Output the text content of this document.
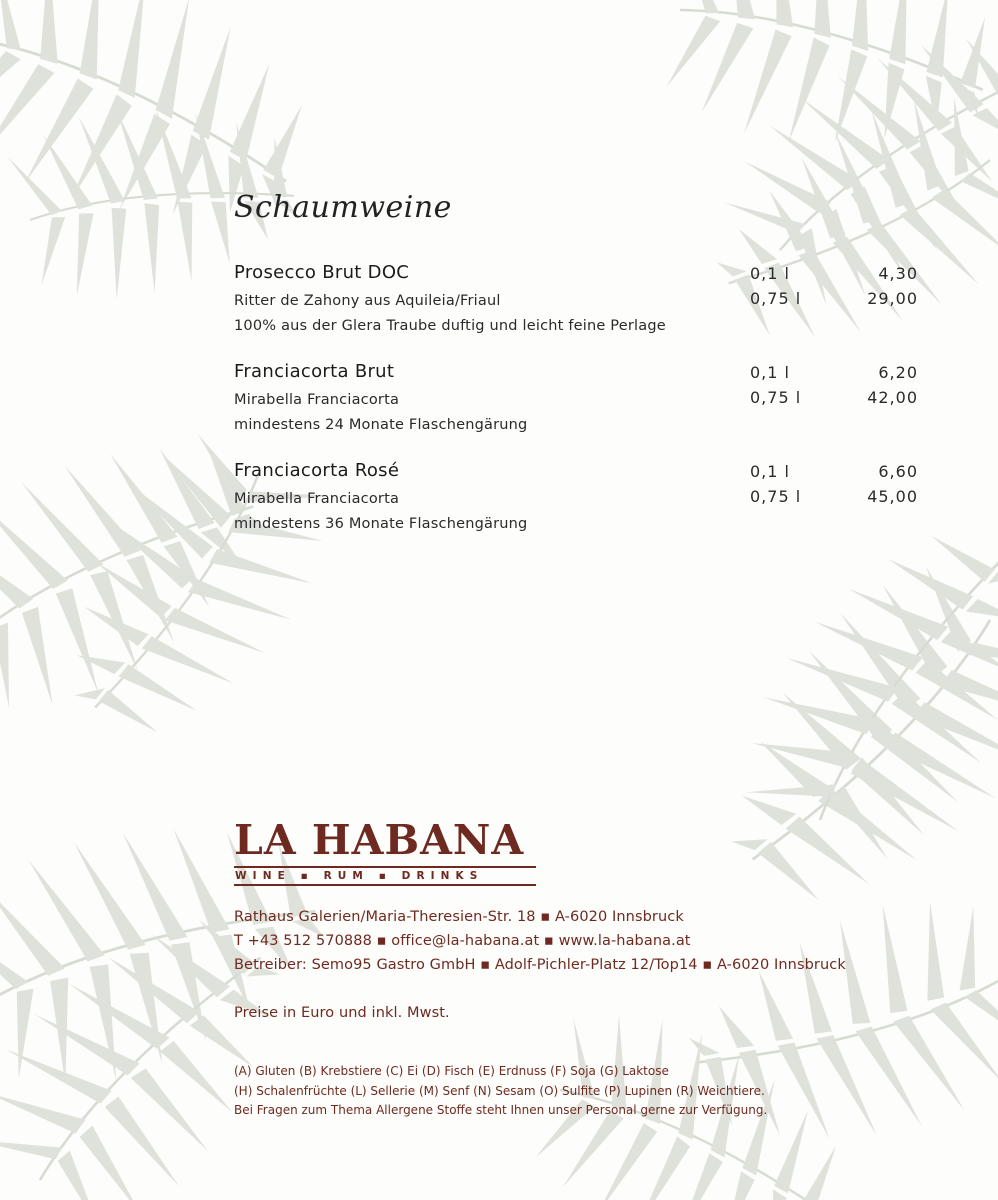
Schaumweine
Prosecco Brut DOC	0,1 l	4,30
Ritter de Zahony aus Aquileia/Friaul	0,75 l	29,00
100% aus der Glera Traube duftig und leicht feine Perlage
Franciacorta Brut	0,1 l	6,20
Mirabella Franciacorta	0,75 l	42,00
mindestens 24 Monate Flaschengärung
Franciacorta Rosé	0,1 l	6,60
Mirabella Franciacorta	0,75 l	45,00
mindestens 36 Monate Flaschengärung
LA HABANA
WINE ▪ RUM ▪ DRINKS
Rathaus Galerien/Maria-Theresien-Str. 18 ▪ A-6020 Innsbruck
T +43 512 570888 ▪ office@la-habana.at ▪ www.la-habana.at
Betreiber: Semo95 Gastro GmbH ▪ Adolf-Pichler-Platz 12/Top14 ▪ A-6020 Innsbruck
Preise in Euro und inkl. Mwst.
(A) Gluten (B) Krebstiere (C) Ei (D) Fisch (E) Erdnuss (F) Soja (G) Laktose
(H) Schalenfrüchte (L) Sellerie (M) Senf (N) Sesam (O) Sulfite (P) Lupinen (R) Weichtiere.
Bei Fragen zum Thema Allergene Stoffe steht Ihnen unser Personal gerne zur Verfügung.
